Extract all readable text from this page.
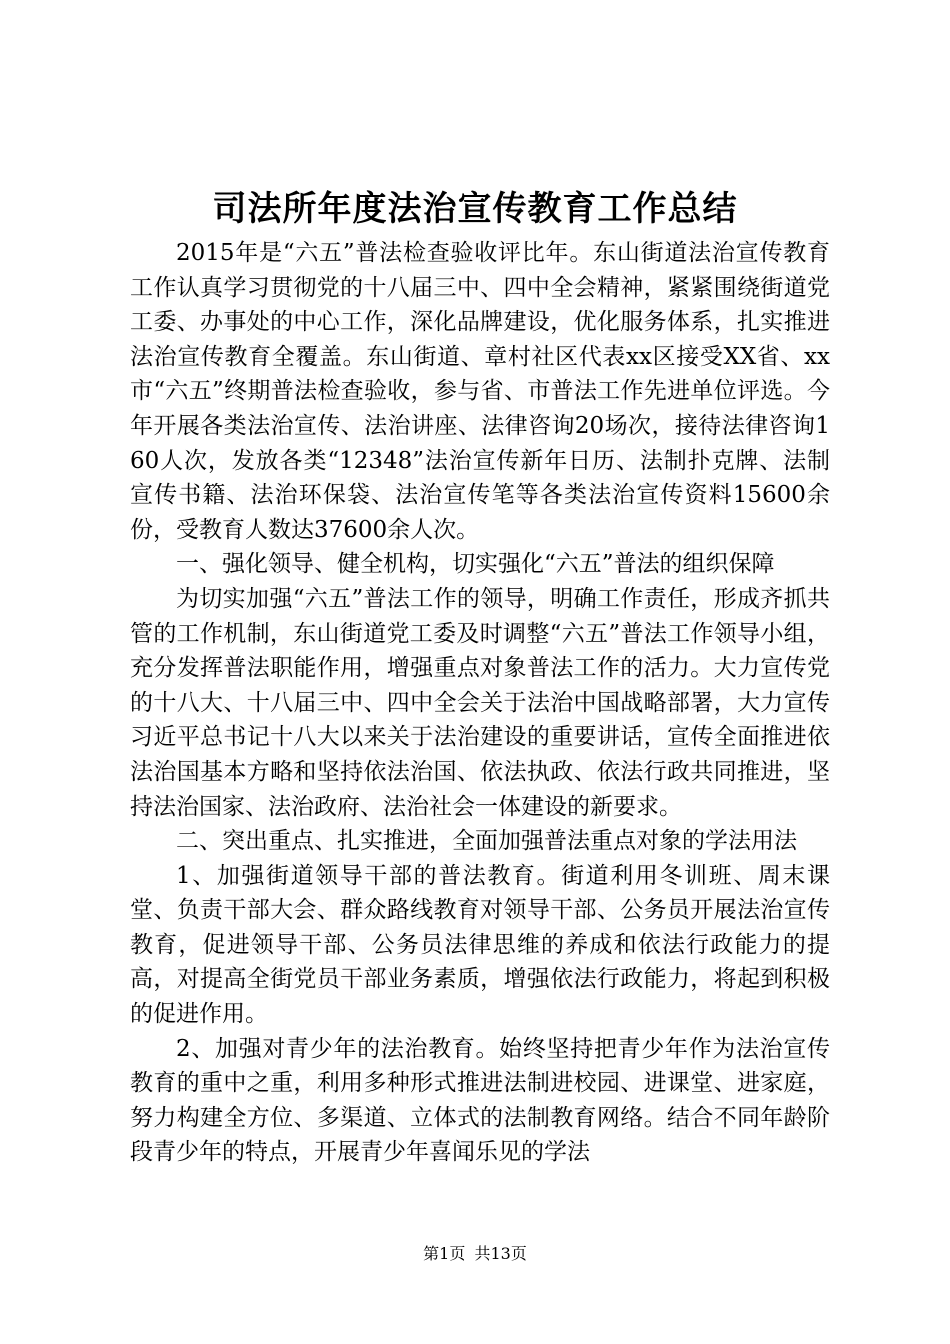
司法所年度法治宣传教育工作总结

2015年是“六五”普法检查验收评比年。东山街道法治宣传教育工作认真学习贯彻党的十八届三中、四中全会精神，紧紧围绕街道党工委、办事处的中心工作，深化品牌建设，优化服务体系，扎实推进法治宣传教育全覆盖。东山街道、章村社区代表xx区接受XX省、xx市“六五”终期普法检查验收，参与省、市普法工作先进单位评选。今年开展各类法治宣传、法治讲座、法律咨询20场次，接待法律咨询160人次，发放各类“12348”法治宣传新年日历、法制扑克牌、法制宣传书籍、法治环保袋、法治宣传笔等各类法治宣传资料15600余份，受教育人数达37600余人次。

一、强化领导、健全机构，切实强化“六五”普法的组织保障

为切实加强“六五”普法工作的领导，明确工作责任，形成齐抓共管的工作机制，东山街道党工委及时调整“六五”普法工作领导小组，充分发挥普法职能作用，增强重点对象普法工作的活力。大力宣传党的十八大、十八届三中、四中全会关于法治中国战略部署，大力宣传习近平总书记十八大以来关于法治建设的重要讲话，宣传全面推进依法治国基本方略和坚持依法治国、依法执政、依法行政共同推进，坚持法治国家、法治政府、法治社会一体建设的新要求。

二、突出重点、扎实推进，全面加强普法重点对象的学法用法

1、加强街道领导干部的普法教育。街道利用冬训班、周末课堂、负责干部大会、群众路线教育对领导干部、公务员开展法治宣传教育，促进领导干部、公务员法律思维的养成和依法行政能力的提高，对提高全街党员干部业务素质，增强依法行政能力，将起到积极的促进作用。

2、加强对青少年的法治教育。始终坚持把青少年作为法治宣传教育的重中之重，利用多种形式推进法制进校园、进课堂、进家庭，努力构建全方位、多渠道、立体式的法制教育网络。结合不同年龄阶段青少年的特点，开展青少年喜闻乐见的学法

第1页 共13页
